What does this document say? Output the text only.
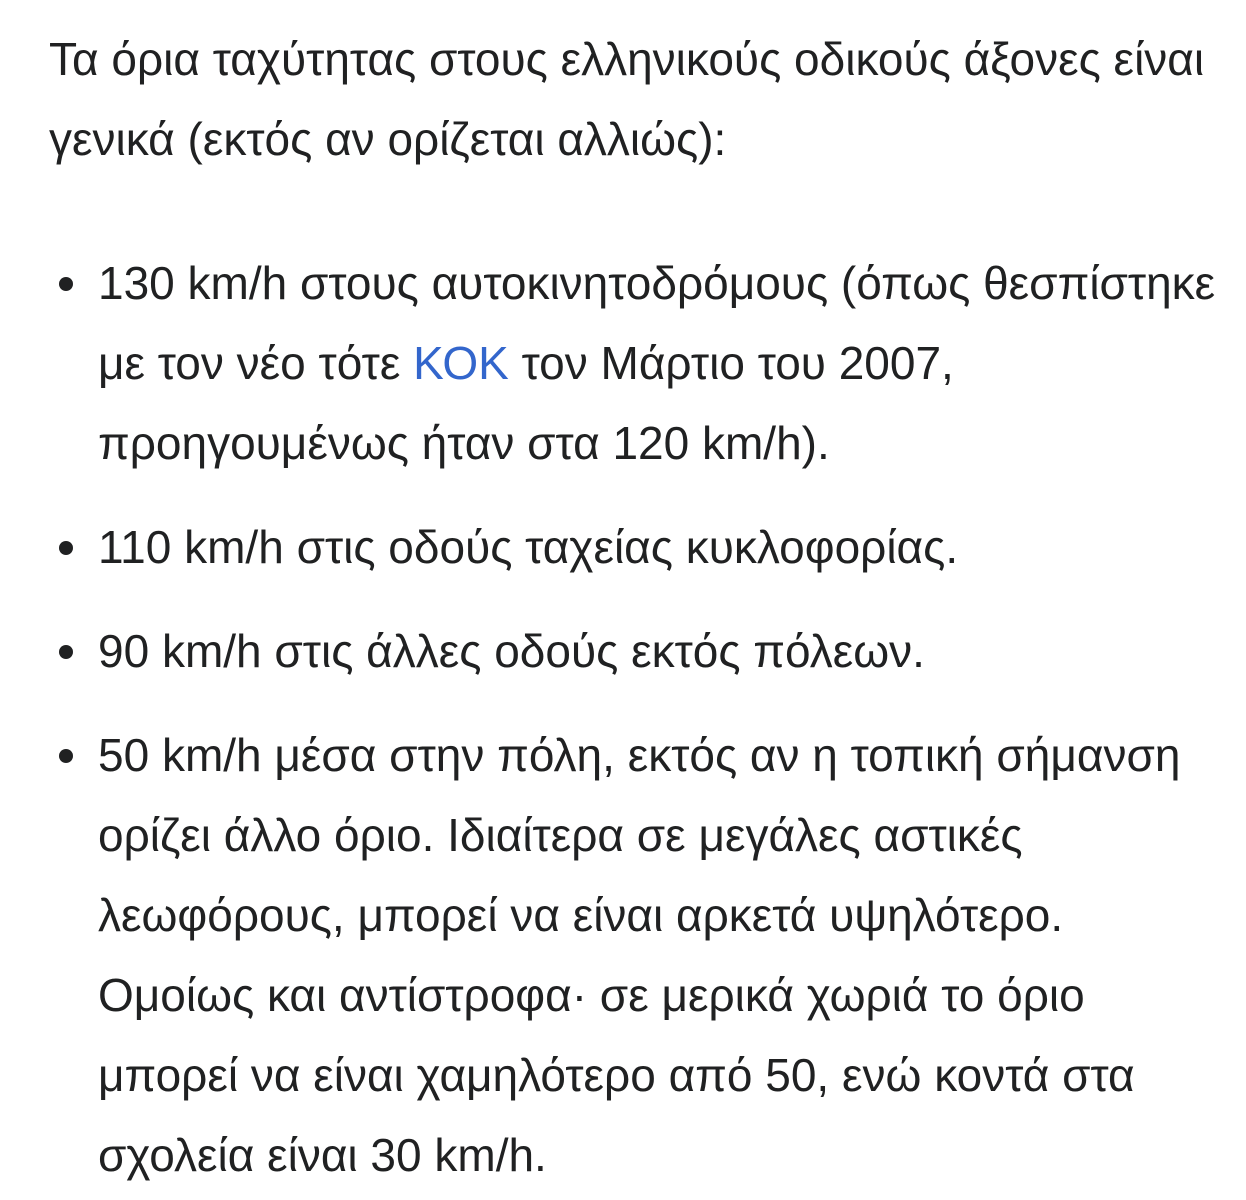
Τα όρια ταχύτητας στους ελληνικούς οδικούς άξονες είναι γενικά (εκτός αν ορίζεται αλλιώς):

130 km/h στους αυτοκινητοδρόμους (όπως θεσπίστηκε με τον νέο τότε ΚΟΚ τον Μάρτιο του 2007, προηγουμένως ήταν στα 120 km/h).
110 km/h στις οδούς ταχείας κυκλοφορίας.
90 km/h στις άλλες οδούς εκτός πόλεων.
50 km/h μέσα στην πόλη, εκτός αν η τοπική σήμανση ορίζει άλλο όριο. Ιδιαίτερα σε μεγάλες αστικές λεωφόρους, μπορεί να είναι αρκετά υψηλότερο. Ομοίως και αντίστροφα· σε μερικά χωριά το όριο μπορεί να είναι χαμηλότερο από 50, ενώ κοντά στα σχολεία είναι 30 km/h.
